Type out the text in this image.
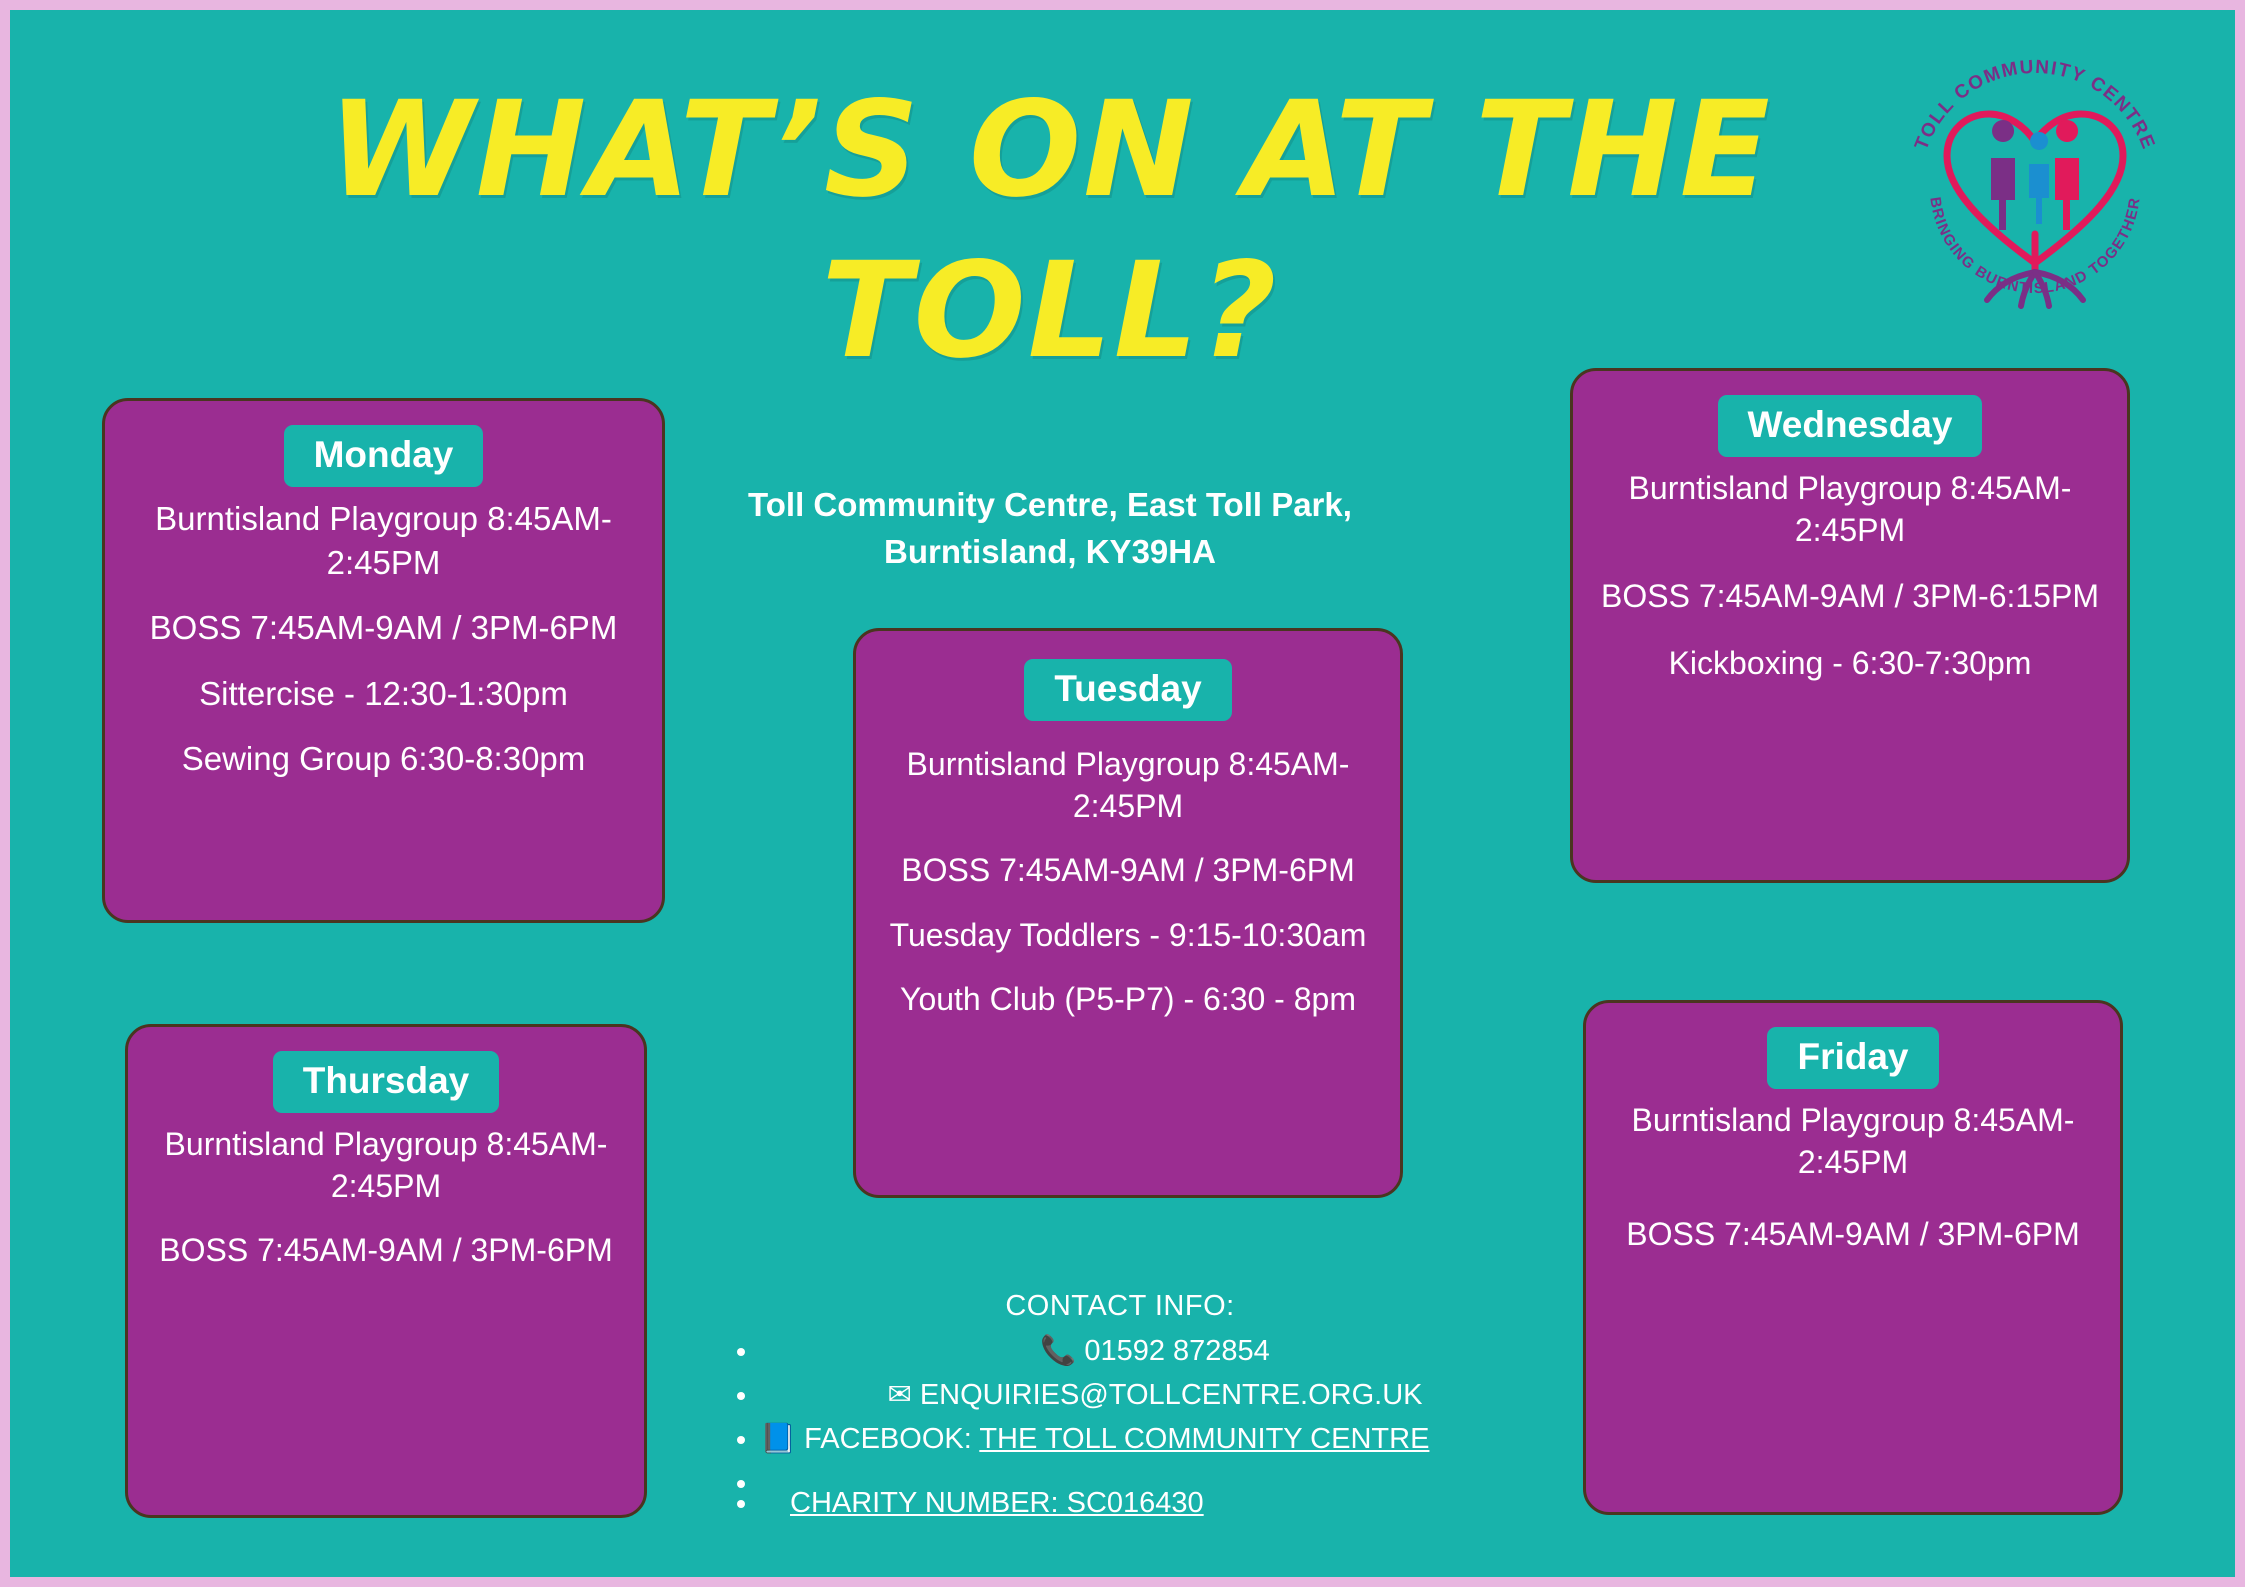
WHAT’S ON AT THE
TOLL?
Toll Community Centre, East Toll Park,
Burntisland, KY39HA
TOLL COMMUNITY CENTRE
BRINGING BURNTISLAND TOGETHER
Monday

Burntisland Playgroup 8:45AM-2:45PM

BOSS 7:45AM-9AM / 3PM-6PM

Sittercise - 12:30-1:30pm

Sewing Group 6:30-8:30pm

Thursday

Burntisland Playgroup 8:45AM-2:45PM

BOSS 7:45AM-9AM / 3PM-6PM

Tuesday

Burntisland Playgroup 8:45AM-2:45PM

BOSS 7:45AM-9AM / 3PM-6PM

Tuesday Toddlers - 9:15-10:30am

Youth Club (P5-P7) - 6:30 - 8pm

Wednesday

Burntisland Playgroup 8:45AM-2:45PM

BOSS 7:45AM-9AM / 3PM-6:15PM

Kickboxing - 6:30-7:30pm

Friday

Burntisland Playgroup 8:45AM-2:45PM

BOSS 7:45AM-9AM / 3PM-6PM

CONTACT INFO:
• 📞 01592 872854
• ✉ ENQUIRIES@TOLLCENTRE.ORG.UK
• 📘 FACEBOOK: THE TOLL COMMUNITY CENTRE
•
• CHARITY NUMBER: SC016430
